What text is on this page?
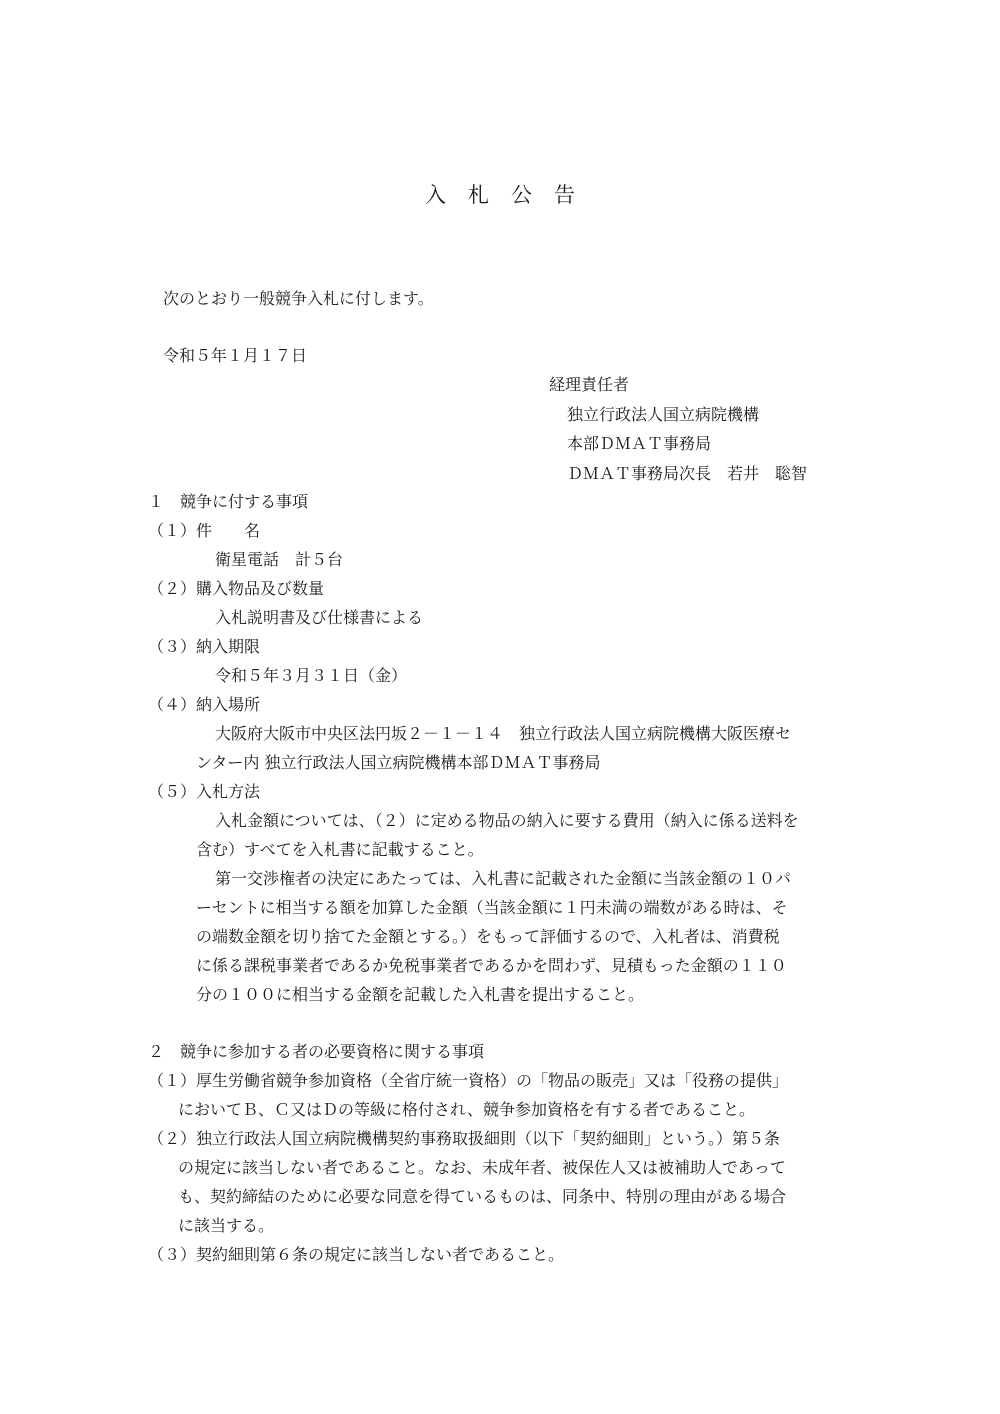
入札公告
次のとおり一般競争入札に付します。
令和５年１月１７日
経理責任者
独立行政法人国立病院機構
本部ＤＭＡＴ事務局
ＤＭＡＴ事務局次長　若井　聡智
１　競争に付する事項
（１）件　　名
衛星電話　計５台
（２）購入物品及び数量
入札説明書及び仕様書による
（３）納入期限
令和５年３月３１日（金）
（４）納入場所
大阪府大阪市中央区法円坂２－１－１４　独立行政法人国立病院機構大阪医療セ
ンター内 独立行政法人国立病院機構本部ＤＭＡＴ事務局
（５）入札方法
入札金額については、（２）に定める物品の納入に要する費用（納入に係る送料を
含む）すべてを入札書に記載すること。
第一交渉権者の決定にあたっては、入札書に記載された金額に当該金額の１０パ
ーセントに相当する額を加算した金額（当該金額に１円未満の端数がある時は、そ
の端数金額を切り捨てた金額とする。）をもって評価するので、入札者は、消費税
に係る課税事業者であるか免税事業者であるかを問わず、見積もった金額の１１０
分の１００に相当する金額を記載した入札書を提出すること。
２　競争に参加する者の必要資格に関する事項
（１）厚生労働省競争参加資格（全省庁統一資格）の「物品の販売」又は「役務の提供」
においてＢ、Ｃ又はＤの等級に格付され、競争参加資格を有する者であること。
（２）独立行政法人国立病院機構契約事務取扱細則（以下「契約細則」という。）第５条
の規定に該当しない者であること。なお、未成年者、被保佐人又は被補助人であって
も、契約締結のために必要な同意を得ているものは、同条中、特別の理由がある場合
に該当する。
（３）契約細則第６条の規定に該当しない者であること。
